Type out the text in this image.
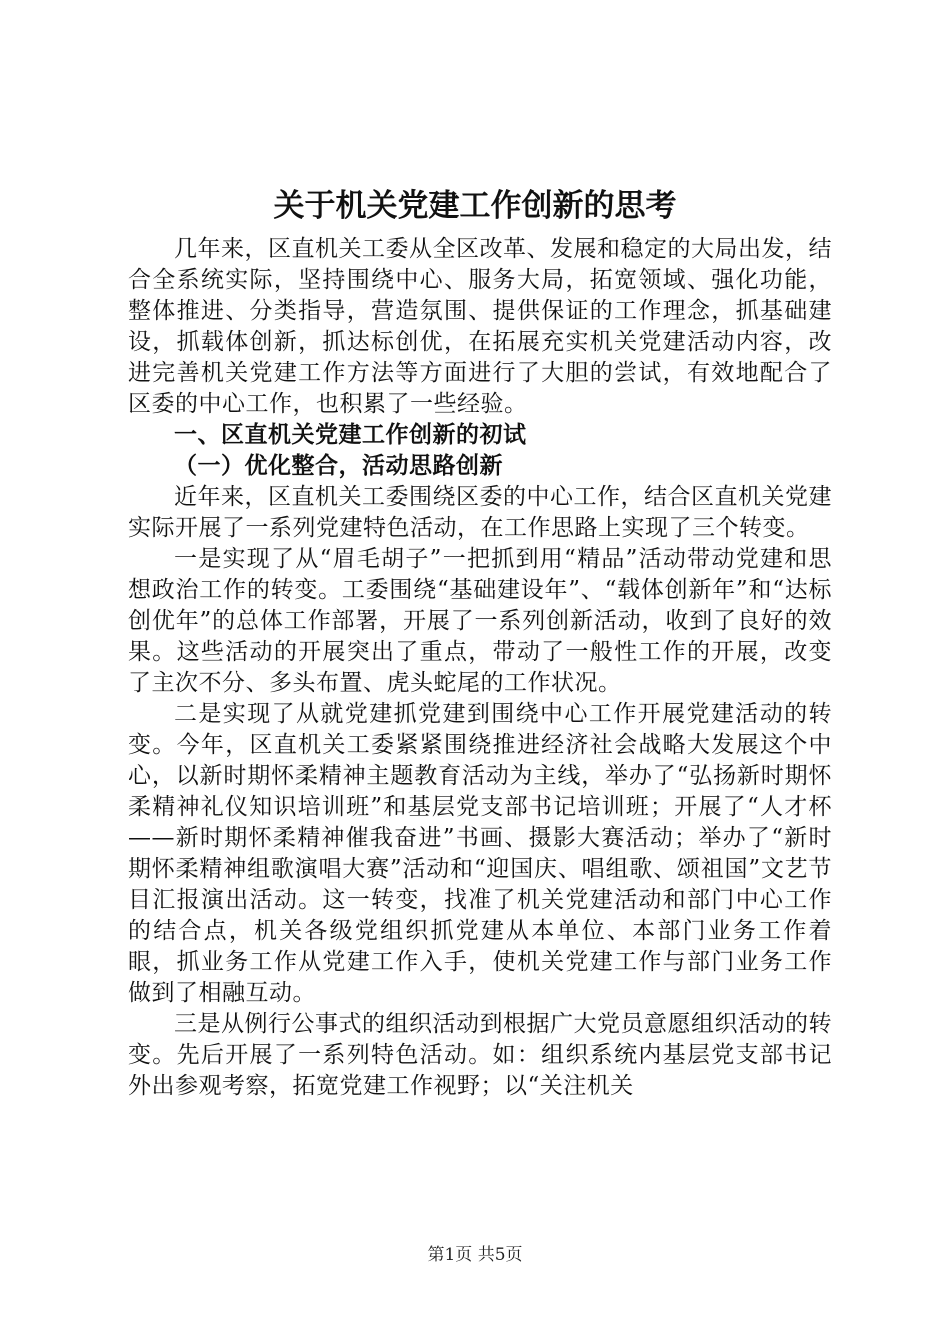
关于机关党建工作创新的思考

几年来，区直机关工委从全区改革、发展和稳定的大局出发，结合全系统实际，坚持围绕中心、服务大局，拓宽领域、强化功能，整体推进、分类指导，营造氛围、提供保证的工作理念，抓基础建设，抓载体创新，抓达标创优，在拓展充实机关党建活动内容，改进完善机关党建工作方法等方面进行了大胆的尝试，有效地配合了区委的中心工作，也积累了一些经验。

一、区直机关党建工作创新的初试
（一）优化整合，活动思路创新

近年来，区直机关工委围绕区委的中心工作，结合区直机关党建实际开展了一系列党建特色活动，在工作思路上实现了三个转变。

一是实现了从“眉毛胡子”一把抓到用“精品”活动带动党建和思想政治工作的转变。工委围绕“基础建设年”、“载体创新年”和“达标创优年”的总体工作部署，开展了一系列创新活动，收到了良好的效果。这些活动的开展突出了重点，带动了一般性工作的开展，改变了主次不分、多头布置、虎头蛇尾的工作状况。

二是实现了从就党建抓党建到围绕中心工作开展党建活动的转变。今年，区直机关工委紧紧围绕推进经济社会战略大发展这个中心，以新时期怀柔精神主题教育活动为主线，举办了“弘扬新时期怀柔精神礼仪知识培训班”和基层党支部书记培训班；开展了“人才杯——新时期怀柔精神催我奋进”书画、摄影大赛活动；举办了“新时期怀柔精神组歌演唱大赛”活动和“迎国庆、唱组歌、颂祖国”文艺节目汇报演出活动。这一转变，找准了机关党建活动和部门中心工作的结合点，机关各级党组织抓党建从本单位、本部门业务工作着眼，抓业务工作从党建工作入手，使机关党建工作与部门业务工作做到了相融互动。

三是从例行公事式的组织活动到根据广大党员意愿组织活动的转变。先后开展了一系列特色活动。如：组织系统内基层党支部书记外出参观考察，拓宽党建工作视野；以“关注机关

第1页 共5页
